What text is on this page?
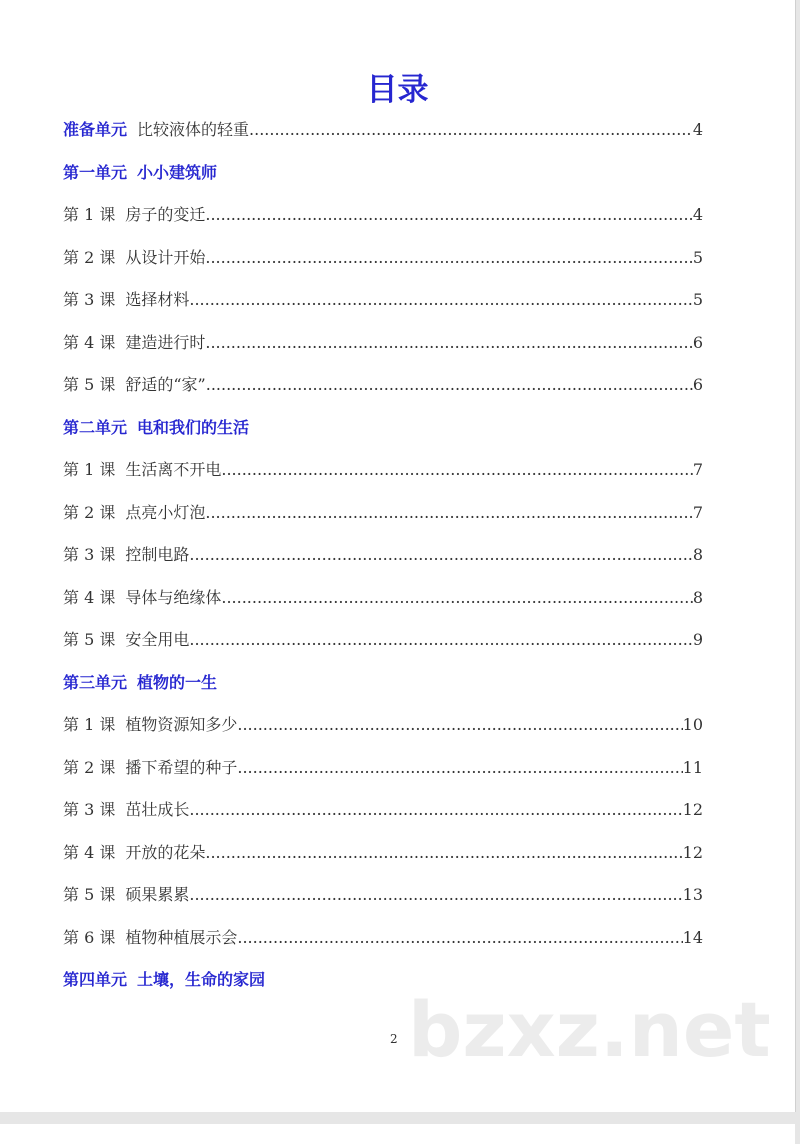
目录
准备单元 比较液体的轻重 .....	4
第一单元 小小建筑师
第 1 课 房子的变迁 .....	4
第 2 课 从设计开始 .....	5
第 3 课 选择材料 .....	5
第 4 课 建造进行时 .....	6
第 5 课 舒适的“家” .....	6
第二单元 电和我们的生活
第 1 课 生活离不开电 .....	7
第 2 课 点亮小灯泡 .....	7
第 3 课 控制电路 .....	8
第 4 课 导体与绝缘体 .....	8
第 5 课 安全用电 .....	9
第三单元 植物的一生
第 1 课 植物资源知多少 .....	10
第 2 课 播下希望的种子 .....	11
第 3 课 茁壮成长 .....	12
第 4 课 开放的花朵 .....	12
第 5 课 硕果累累 .....	13
第 6 课 植物种植展示会 .....	14
第四单元 土壤，生命的家园
bzxz.net
2
